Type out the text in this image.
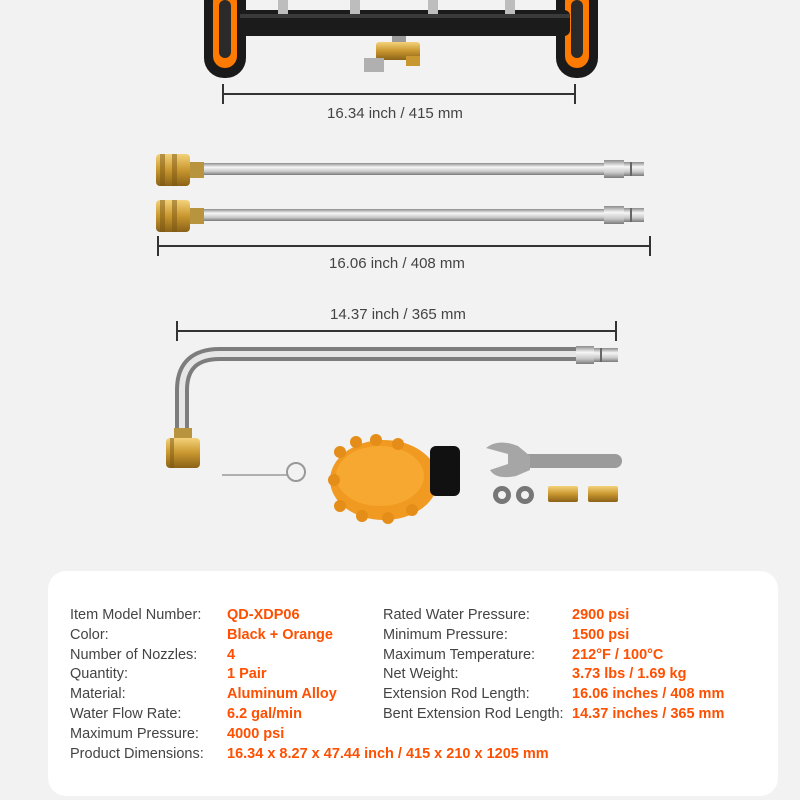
16.34 inch / 415 mm
16.06 inch / 408 mm
14.37 inch / 365 mm
Item Model Number: QD-XDP06
Color:	Black + Orange
Number of Nozzles: 4
Quantity:	1 Pair
Material:	Aluminum Alloy
Water Flow Rate:	6.2 gal/min
Maximum Pressure: 4000 psi
Product Dimensions: 16.34 x 8.27 x 47.44 inch / 415 x 210 x 1205 mm
Rated Water Pressure:	2900 psi
Minimum Pressure:	1500 psi
Maximum Temperature:	212°F / 100°C
Net Weight:	3.73 lbs / 1.69 kg
Extension Rod Length:	16.06 inches / 408 mm
Bent Extension Rod Length: 14.37 inches / 365 mm
